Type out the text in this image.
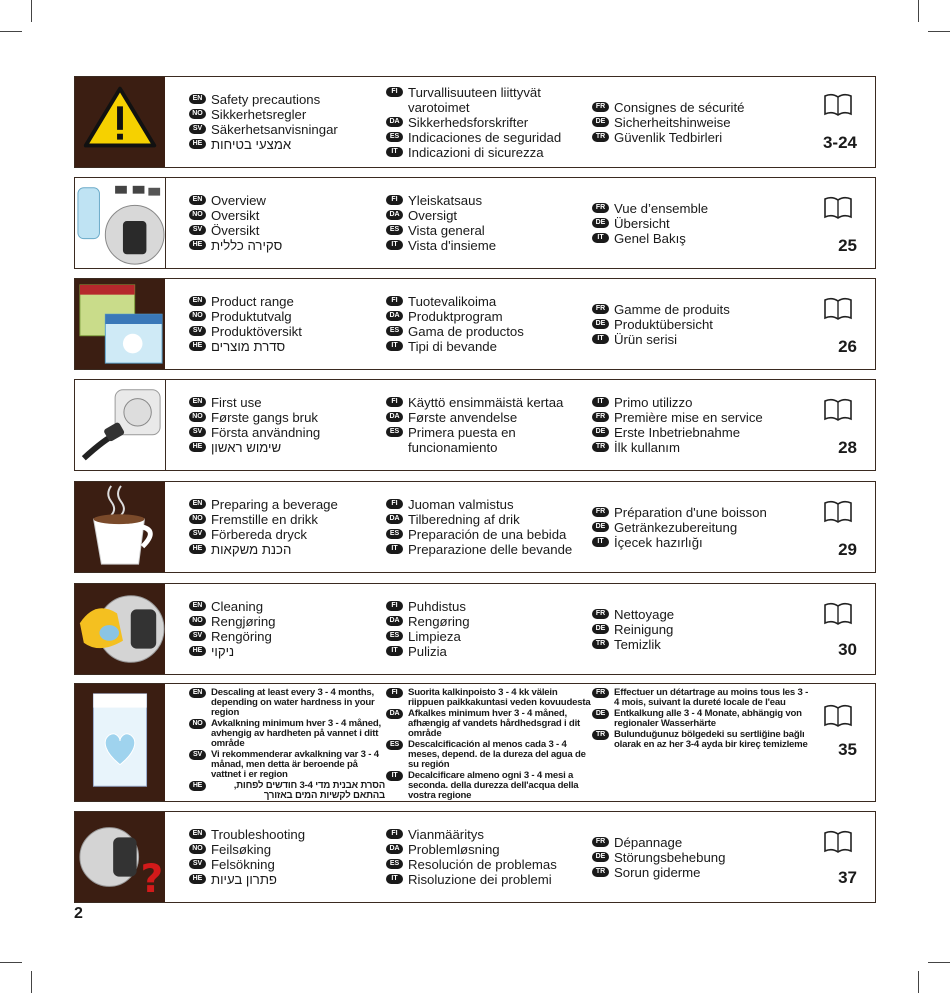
EN Safety precautions
NO Sikkerhetsregler
SV Säkerhetsanvisningar
HE אמצעי בטיחות
FI Turvallisuuteen liittyvät varotoimet
DA Sikkerhedsforskrifter
ES Indicaciones de seguridad
IT Indicazioni di sicurezza
FR Consignes de sécurité
DE Sicherheitshinweise
TR Güvenlik Tedbirleri	3-24
EN Overview
NO Oversikt
SV Översikt
HE סקירה כללית
FI Yleiskatsaus
DA Oversigt
ES Vista general
IT Vista d'insieme
FR Vue d’ensemble
DE Übersicht
IT Genel Bakış	25
EN Product range
NO Produktutvalg
SV Produktöversikt
HE סדרת מוצרים
FI Tuotevalikoima
DA Produktprogram
ES Gama de productos
IT Tipi di bevande
FR Gamme de produits
DE Produktübersicht
IT Ürün serisi	26
EN First use
NO Første gangs bruk
SV Första användning
HE שימוש ראשון
FI Käyttö ensimmäistä kertaa
DA Første anvendelse
ES Primera puesta en funcionamiento
IT Primo utilizzo
FR Première mise en service
DE Erste Inbetriebnahme
TR İlk kullanım	28
EN Preparing a beverage
NO Fremstille en drikk
SV Förbereda dryck
HE הכנת משקאות
FI Juoman valmistus
DA Tilberedning af drik
ES Preparación de una bebida
IT Preparazione delle bevande
FR Préparation d'une boisson
DE Getränkezubereitung
IT İçecek hazırlığı	29
EN Cleaning
NO Rengjøring
SV Rengöring
HE ניקוי
FI Puhdistus
DA Rengøring
ES Limpieza
IT Pulizia
FR Nettoyage
DE Reinigung
TR Temizlik	30
EN Descaling at least every 3 - 4 months, depending on water hardness in your region
NO Avkalkning minimum hver 3 - 4 måned, avhengig av hardheten på vannet i ditt område
SV Vi rekommenderar avkalkning var 3 - 4 månad, men detta är beroende på vattnet i er region
HE	הסרת אבנית מדי 3-4 חודשים לפחות, בהתאם לקשיות המים באזורך
FI	Suorita kalkinpoisto 3 - 4 kk välein riippuen paikkakuntasi veden kovuudesta
DA Afkalkes minimum hver 3 - 4 måned, afhængig af vandets hårdhedsgrad i dit område
ES Descalcificación al menos cada 3 - 4 meses, depend. de la dureza del agua de su región
IT	Decalcificare almeno ogni 3 - 4 mesi a seconda. della durezza dell'acqua della vostra regione
FR Effectuer un détartrage au moins tous les 3 - 4 mois, suivant la dureté locale de l'eau
DE Entkalkung alle 3 - 4 Monate, abhängig von regionaler Wasserhärte
TR Bulunduğunuz bölgedeki su sertliğine bağlı olarak en az her 3-4 ayda bir kireç temizleme	35
?
EN Troubleshooting
NO Feilsøking
SV Felsökning
HE פתרון בעיות
FI Vianmääritys
DA Problemløsning
ES Resolución de problemas
IT Risoluzione dei problemi
FR Dépannage
DE Störungsbehebung
TR Sorun giderme	37
2
